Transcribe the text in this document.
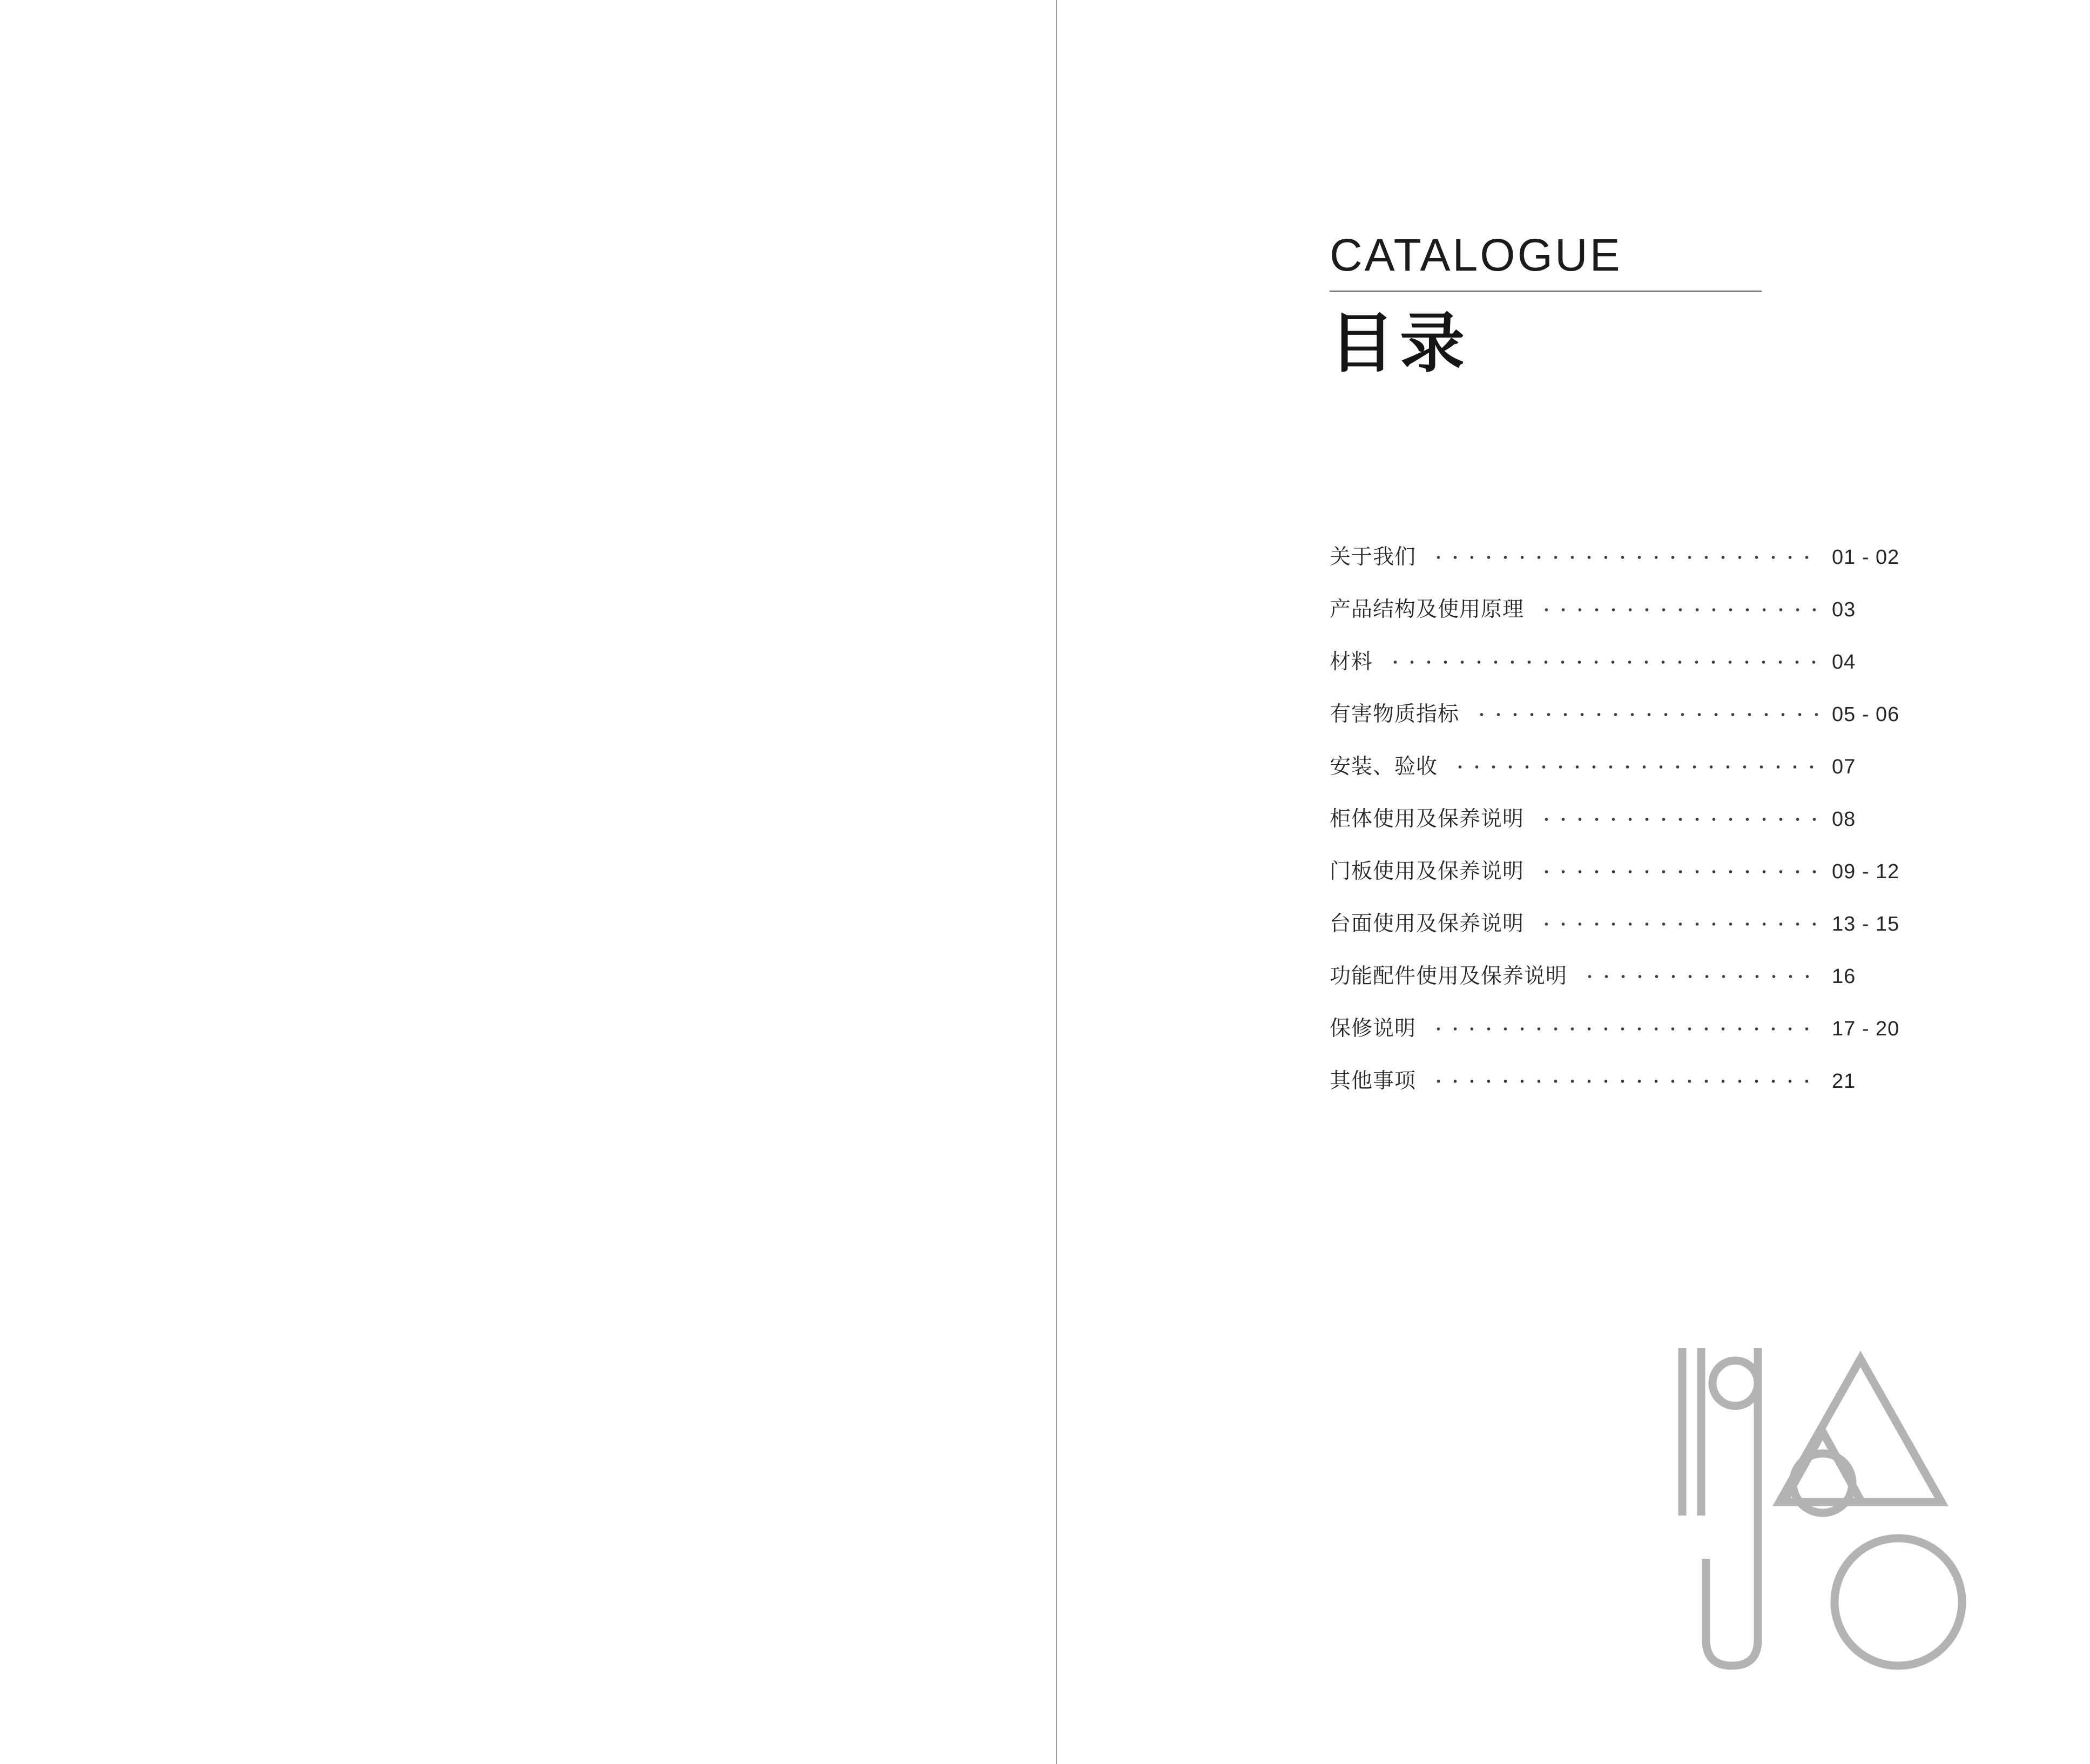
CATALOGUE
目录
关于我们	01 - 02
产品结构及使用原理	03
材料	04
有害物质指标	05 - 06
安装、验收	07
柜体使用及保养说明	08
门板使用及保养说明	09 - 12
台面使用及保养说明	13 - 15
功能配件使用及保养说明	16
保修说明	17 - 20
其他事项	21
